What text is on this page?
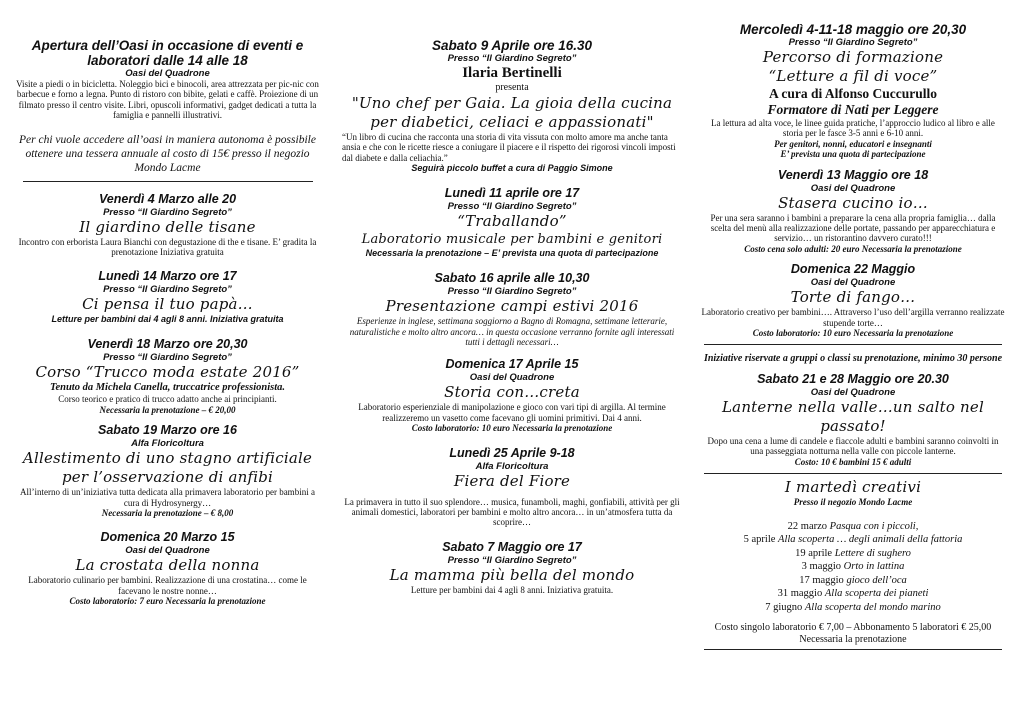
Apertura dell’Oasi in occasione di eventi e laboratori dalle 14 alle 18

Oasi del Quadrone

Visite a piedi o in bicicletta. Noleggio bici e binocoli, area attrezzata per pic-nic con barbecue e forno a legna. Punto di ristoro con bibite, gelati e caffè. Proiezione di un filmato presso il centro visite. Libri, opuscoli informativi, gadget dedicati a tutta la famiglia e pannelli illustrativi.

Per chi vuole accedere all’oasi in maniera autonoma è possibile ottenere una tessera annuale al costo di 15€ presso il negozio Mondo Lacme

Venerdì 4 Marzo alle 20

Presso “Il Giardino Segreto”

Il giardino delle tisane

Incontro con erborista Laura Bianchi con degustazione di the e tisane. E’ gradita la prenotazione Iniziativa gratuita

Lunedì 14 Marzo ore 17

Presso “Il Giardino Segreto”

Ci pensa il tuo papà…

Letture per bambini dai 4 agli 8 anni. Iniziativa gratuita

Venerdì 18 Marzo ore 20,30

Presso “Il Giardino Segreto”

Corso “Trucco moda estate 2016”

Tenuto da Michela Canella, truccatrice professionista.

Corso teorico e pratico di trucco adatto anche ai principianti.

Necessaria la prenotazione – € 20,00

Sabato 19 Marzo ore 16

Alfa Floricoltura

Allestimento di uno stagno artificiale

per l’osservazione di anfibi

All’interno di un’iniziativa tutta dedicata alla primavera laboratorio per bambini a cura di Hydrosynergy…

Necessaria la prenotazione – € 8,00

Domenica 20 Marzo 15

Oasi del Quadrone

La crostata della nonna

Laboratorio culinario per bambini. Realizzazione di una crostatina… come le facevano le nostre nonne…

Costo laboratorio: 7 euro Necessaria la prenotazione

Sabato 9 Aprile ore 16.30

Presso “Il Giardino Segreto”

Ilaria Bertinelli

presenta

"Uno chef per Gaia. La gioia della cucina per diabetici, celiaci e appassionati"

“Un libro di cucina che racconta una storia di vita vissuta con molto amore ma anche tanta ansia e che con le ricette riesce a coniugare il piacere e il rispetto dei rigorosi vincoli imposti dal diabete e dalla celiachia.”

Seguirà piccolo buffet a cura di Paggio Simone

Lunedì 11 aprile ore 17

Presso “Il Giardino Segreto”

“Traballando”

Laboratorio musicale per bambini e genitori

Necessaria la prenotazione – E’ prevista una quota di partecipazione

Sabato 16 aprile alle 10,30

Presso “Il Giardino Segreto”

Presentazione campi estivi 2016

Esperienze in inglese, settimana soggiorno a Bagno di Romagna, settimane letterarie, naturalistiche e molto altro ancora… in questa occasione verranno fornite agli interessati tutti i dettagli necessari…

Domenica 17 Aprile 15

Oasi del Quadrone

Storia con…creta

Laboratorio esperienziale di manipolazione e gioco con vari tipi di argilla. Al termine realizzeremo un vasetto come facevano gli uomini primitivi. Dai 4 anni.

Costo laboratorio: 10 euro Necessaria la prenotazione

Lunedì 25 Aprile 9-18

Alfa Floricoltura

Fiera del Fiore

La primavera in tutto il suo splendore… musica, funamboli, maghi, gonfiabili, attività per gli animali domestici, laboratori per bambini e molto altro ancora… in un’atmosfera tutta da scoprire…

Sabato 7 Maggio ore 17

Presso “Il Giardino Segreto”

La mamma più bella del mondo

Letture per bambini dai 4 agli 8 anni. Iniziativa gratuita.

Mercoledì 4-11-18 maggio ore 20,30

Presso “Il Giardino Segreto”

Percorso di formazione

“Letture a fil di voce”

A cura di Alfonso Cuccurullo

Formatore di Nati per Leggere

La lettura ad alta voce, le linee guida pratiche, l’approccio ludico al libro e alle storia per le fasce 3-5 anni e 6-10 anni.

Per genitori, nonni, educatori e insegnanti

E’ prevista una quota di partecipazione

Venerdì 13 Maggio ore 18

Oasi del Quadrone

Stasera cucino io…

Per una sera saranno i bambini a preparare la cena alla propria famiglia… dalla scelta del menù alla realizzazione delle portate, passando per apparecchiatura e servizio… un ristorantino davvero curato!!!

Costo cena solo adulti: 20 euro Necessaria la prenotazione

Domenica 22 Maggio

Oasi del Quadrone

Torte di fango…

Laboratorio creativo per bambini…. Attraverso l’uso dell’argilla verranno realizzate stupende torte…

Costo laboratorio: 10 euro Necessaria la prenotazione

Iniziative riservate a gruppi o classi su prenotazione, minimo 30 persone

Sabato 21 e 28 Maggio ore 20.30

Oasi del Quadrone

Lanterne nella valle…un salto nel passato!

Dopo una cena a lume di candele e fiaccole adulti e bambini saranno coinvolti in una passeggiata notturna nella valle con piccole lanterne.

Costo: 10 € bambini 15 € adulti

I martedì creativi

Presso il negozio Mondo Lacme

22 marzo Pasqua con i piccoli,

5 aprile Alla scoperta … degli animali della fattoria

19 aprile Lettere di sughero

3 maggio Orto in lattina

17 maggio gioco dell’oca

31 maggio Alla scoperta dei pianeti

7 giugno Alla scoperta del mondo marino

Costo singolo laboratorio € 7,00 – Abbonamento 5 laboratori € 25,00

Necessaria la prenotazione
